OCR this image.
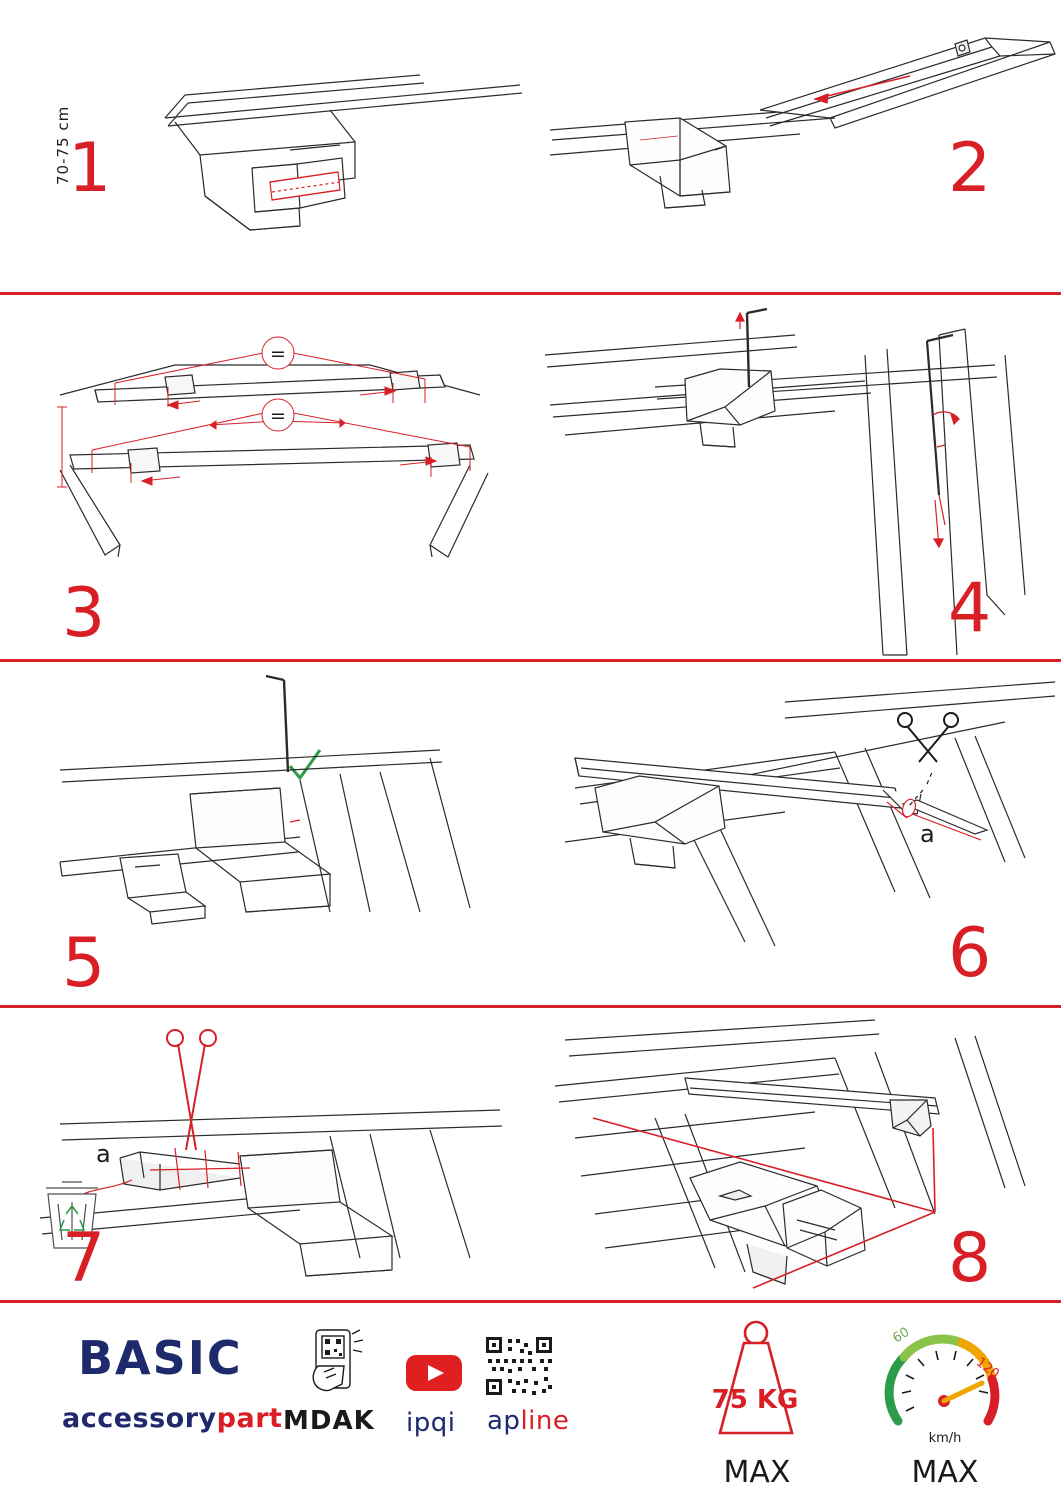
1	2
=
=
70-75 cm
3	4
5
a
6
a
7	8
BASIC
accessorypart MDAK ipqi apline
75 KG
MAX
60
120
km/h
MAX
